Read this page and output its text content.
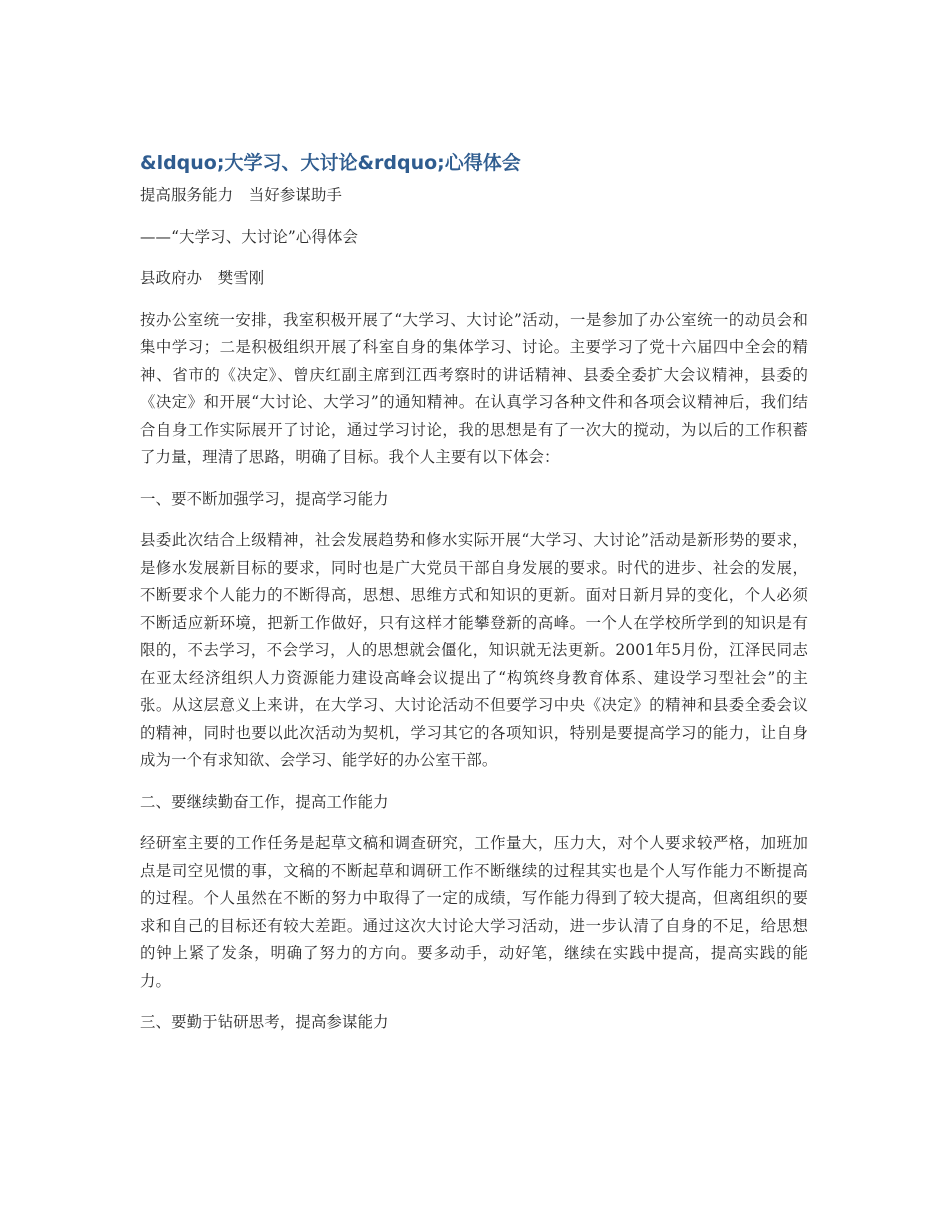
&ldquo;大学习、大讨论&rdquo;心得体会

提高服务能力　当好参谋助手

——“大学习、大讨论”心得体会

县政府办　樊雪刚

按办公室统一安排，我室积极开展了“大学习、大讨论”活动，一是参加了办公室统一的动员会和集中学习；二是积极组织开展了科室自身的集体学习、讨论。主要学习了党十六届四中全会的精神、省市的《决定》、曾庆红副主席到江西考察时的讲话精神、县委全委扩大会议精神，县委的《决定》和开展“大讨论、大学习”的通知精神。在认真学习各种文件和各项会议精神后，我们结合自身工作实际展开了讨论，通过学习讨论，我的思想是有了一次大的搅动，为以后的工作积蓄了力量，理清了思路，明确了目标。我个人主要有以下体会：

一、要不断加强学习，提高学习能力

县委此次结合上级精神，社会发展趋势和修水实际开展“大学习、大讨论”活动是新形势的要求，是修水发展新目标的要求，同时也是广大党员干部自身发展的要求。时代的进步、社会的发展，不断要求个人能力的不断得高，思想、思维方式和知识的更新。面对日新月异的变化，个人必须不断适应新环境，把新工作做好，只有这样才能攀登新的高峰。一个人在学校所学到的知识是有限的，不去学习，不会学习，人的思想就会僵化，知识就无法更新。2001年5月份，江泽民同志在亚太经济组织人力资源能力建设高峰会议提出了“构筑终身教育体系、建设学习型社会”的主张。从这层意义上来讲，在大学习、大讨论活动不但要学习中央《决定》的精神和县委全委会议的精神，同时也要以此次活动为契机，学习其它的各项知识，特别是要提高学习的能力，让自身成为一个有求知欲、会学习、能学好的办公室干部。

二、要继续勤奋工作，提高工作能力

经研室主要的工作任务是起草文稿和调查研究，工作量大，压力大，对个人要求较严格，加班加点是司空见惯的事，文稿的不断起草和调研工作不断继续的过程其实也是个人写作能力不断提高的过程。个人虽然在不断的努力中取得了一定的成绩，写作能力得到了较大提高，但离组织的要求和自己的目标还有较大差距。通过这次大讨论大学习活动，进一步认清了自身的不足，给思想的钟上紧了发条，明确了努力的方向。要多动手，动好笔，继续在实践中提高，提高实践的能力。

三、要勤于钻研思考，提高参谋能力
